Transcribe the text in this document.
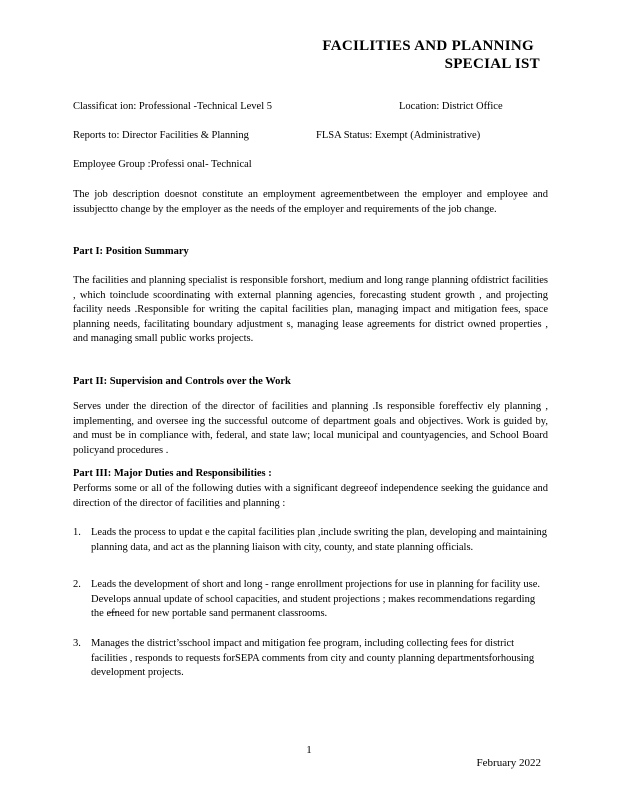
FACILITIES AND PLANNING
SPECIAL IST
Classificat ion: Professional -Technical Level 5	Location: District Office
Reports to: Director Facilities & Planning	FLSA Status: Exempt (Administrative)
Employee Group :Professi onal- Technical
The job description doesnot constitute an employment agreementbetween the employer and employee and issubjectto change by the employer as the needs of the employer and requirements of the job change.
Part I: Position Summary
The facilities and planning specialist is responsible forshort, medium and long range planning ofdistrict facilities , which toinclude scoordinating with external planning agencies, forecasting student growth , and projecting facility needs .Responsible for writing the capital facilities plan, managing impact and mitigation fees, space planning needs, facilitating boundary adjustment s, managing lease agreements for district owned properties , and managing small public works projects.
Part II: Supervision and Controls over the Work
Serves under the direction of the director of facilities and planning .Is responsible foreffectiv ely planning , implementing, and oversee ing the successful outcome of department goals and objectives. Work is guided by, and must be in compliance with, federal, and state law; local municipal and countyagencies, and School Board policyand procedures .
Part III: Major Duties and Responsibilities :
Performs some or all of the following duties with a significant degreeof independence seeking the guidance and direction of the director of facilities and planning :
1. Leads the process to updat e the capital facilities plan ,include swriting the plan, developing and maintaining planning data, and act as the planning liaison with city, county, and state planning officials.
2. Leads the development of short and long - range enrollment projections for use in planning for facility use. Develops annual update of school capacities, and student projections ; makes recommendations regarding the e̶f̶need for new portable sand permanent classrooms.
3. Manages the district’sschool impact and mitigation fee program, including collecting fees for district facilities , responds to requests forSEPA comments from city and county planning departmentsforhousing development projects.
1
February 2022
